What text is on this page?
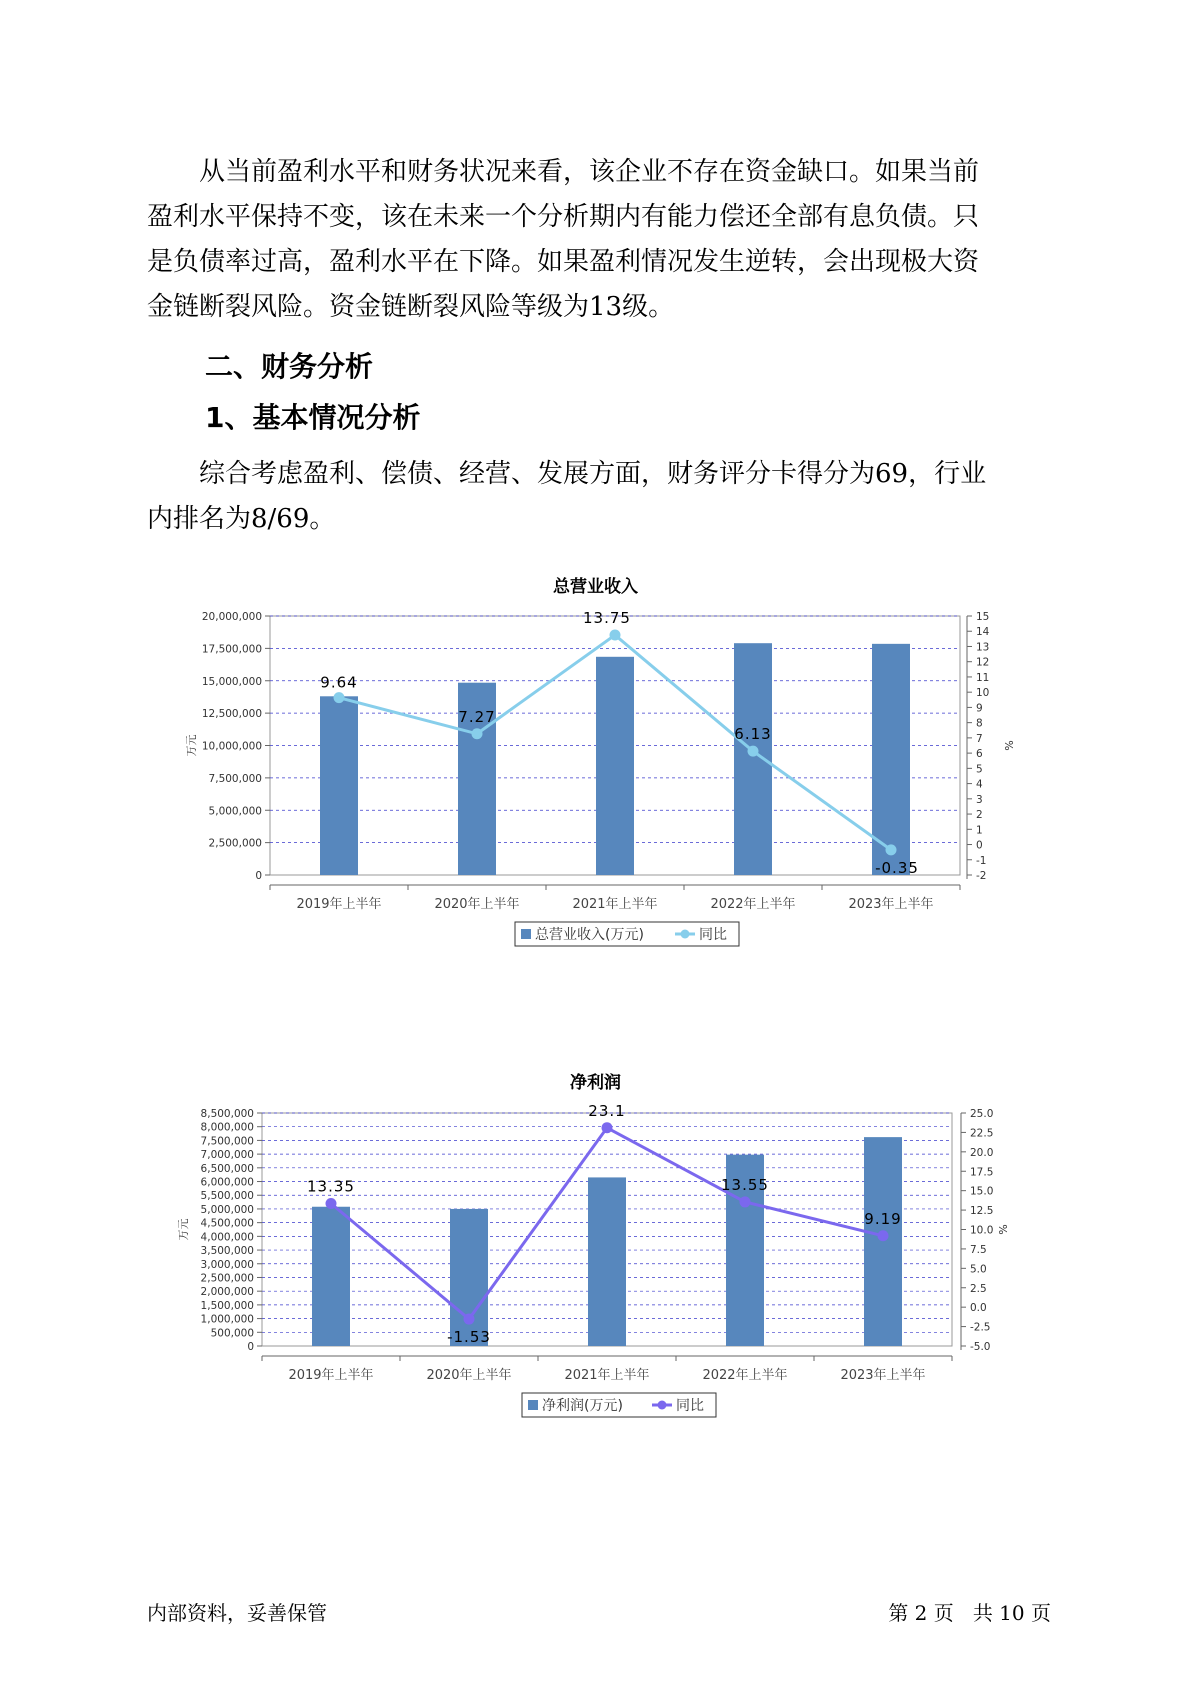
从当前盈利水平和财务状况来看，该企业不存在资金缺口。如果当前
盈利水平保持不变，该在未来一个分析期内有能力偿还全部有息负债。只
是负债率过高，盈利水平在下降。如果盈利情况发生逆转，会出现极大资
金链断裂风险。资金链断裂风险等级为13级。
二、财务分析
1、基本情况分析
综合考虑盈利、偿债、经营、发展方面，财务评分卡得分为69，行业
内排名为8/69。
总营业收入
0
2,500,000
5,000,000
7,500,000
10,000,000
12,500,000
15,000,000
17,500,000
20,000,000
-2
-1
0
1
2
3
4
5
6
7
8
9
10
11
12
13
14
15
2019年上半年	2020年上半年	2021年上半年	2022年上半年	2023年上半年
万元	%
9.64
7.27
13.75
6.13
-0.35
总营业收入(万元)	同比
净利润
0
500,000
1,000,000
1,500,000
2,000,000
2,500,000
3,000,000
3,500,000
4,000,000
4,500,000
5,000,000
5,500,000
6,000,000
6,500,000
7,000,000
7,500,000
8,000,000
8,500,000
-5.0
-2.5
0.0
2.5
5.0
7.5
10.0
12.5
15.0
17.5
20.0
22.5
25.0
2019年上半年	2020年上半年	2021年上半年	2022年上半年	2023年上半年
万元	%
13.35
-1.53
23.1
13.55
9.19
净利润(万元)	同比
内部资料，妥善保管	第 2 页   共 10 页
